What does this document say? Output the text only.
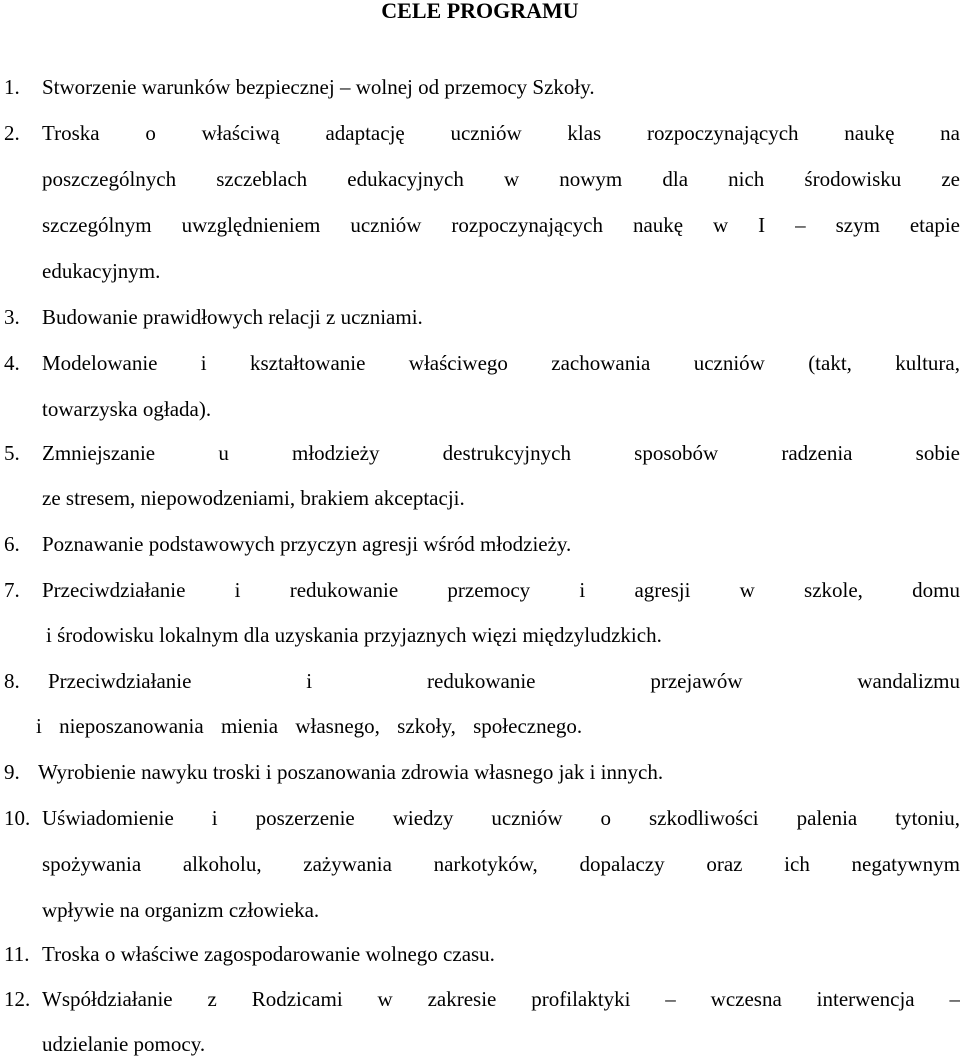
CELE PROGRAMU
1. Stworzenie warunków bezpiecznej – wolnej od przemocy Szkoły.
2. Troska o właściwą adaptację uczniów klas rozpoczynających naukę na
poszczególnych szczeblach edukacyjnych w nowym dla nich środowisku ze
szczególnym uwzględnieniem uczniów rozpoczynających naukę w I – szym etapie
edukacyjnym.
3. Budowanie prawidłowych relacji z uczniami.
4. Modelowanie i kształtowanie właściwego zachowania uczniów (takt, kultura,
towarzyska ogłada).
5. Zmniejszanie u młodzieży destrukcyjnych sposobów radzenia sobie
ze stresem, niepowodzeniami, brakiem akceptacji.
6. Poznawanie podstawowych przyczyn agresji wśród młodzieży.
7. Przeciwdziałanie i redukowanie przemocy i agresji w szkole, domu
i środowisku lokalnym dla uzyskania przyjaznych więzi międzyludzkich.
8. Przeciwdziałanie i redukowanie przejawów wandalizmu
i nieposzanowania mienia własnego, szkoły, społecznego.
9. Wyrobienie nawyku troski i poszanowania zdrowia własnego jak i innych.
10. Uświadomienie i poszerzenie wiedzy uczniów o szkodliwości palenia tytoniu,
spożywania alkoholu, zażywania narkotyków, dopalaczy oraz ich negatywnym
wpływie na organizm człowieka.
11. Troska o właściwe zagospodarowanie wolnego czasu.
12. Współdziałanie z Rodzicami w zakresie profilaktyki – wczesna interwencja –
udzielanie pomocy.
